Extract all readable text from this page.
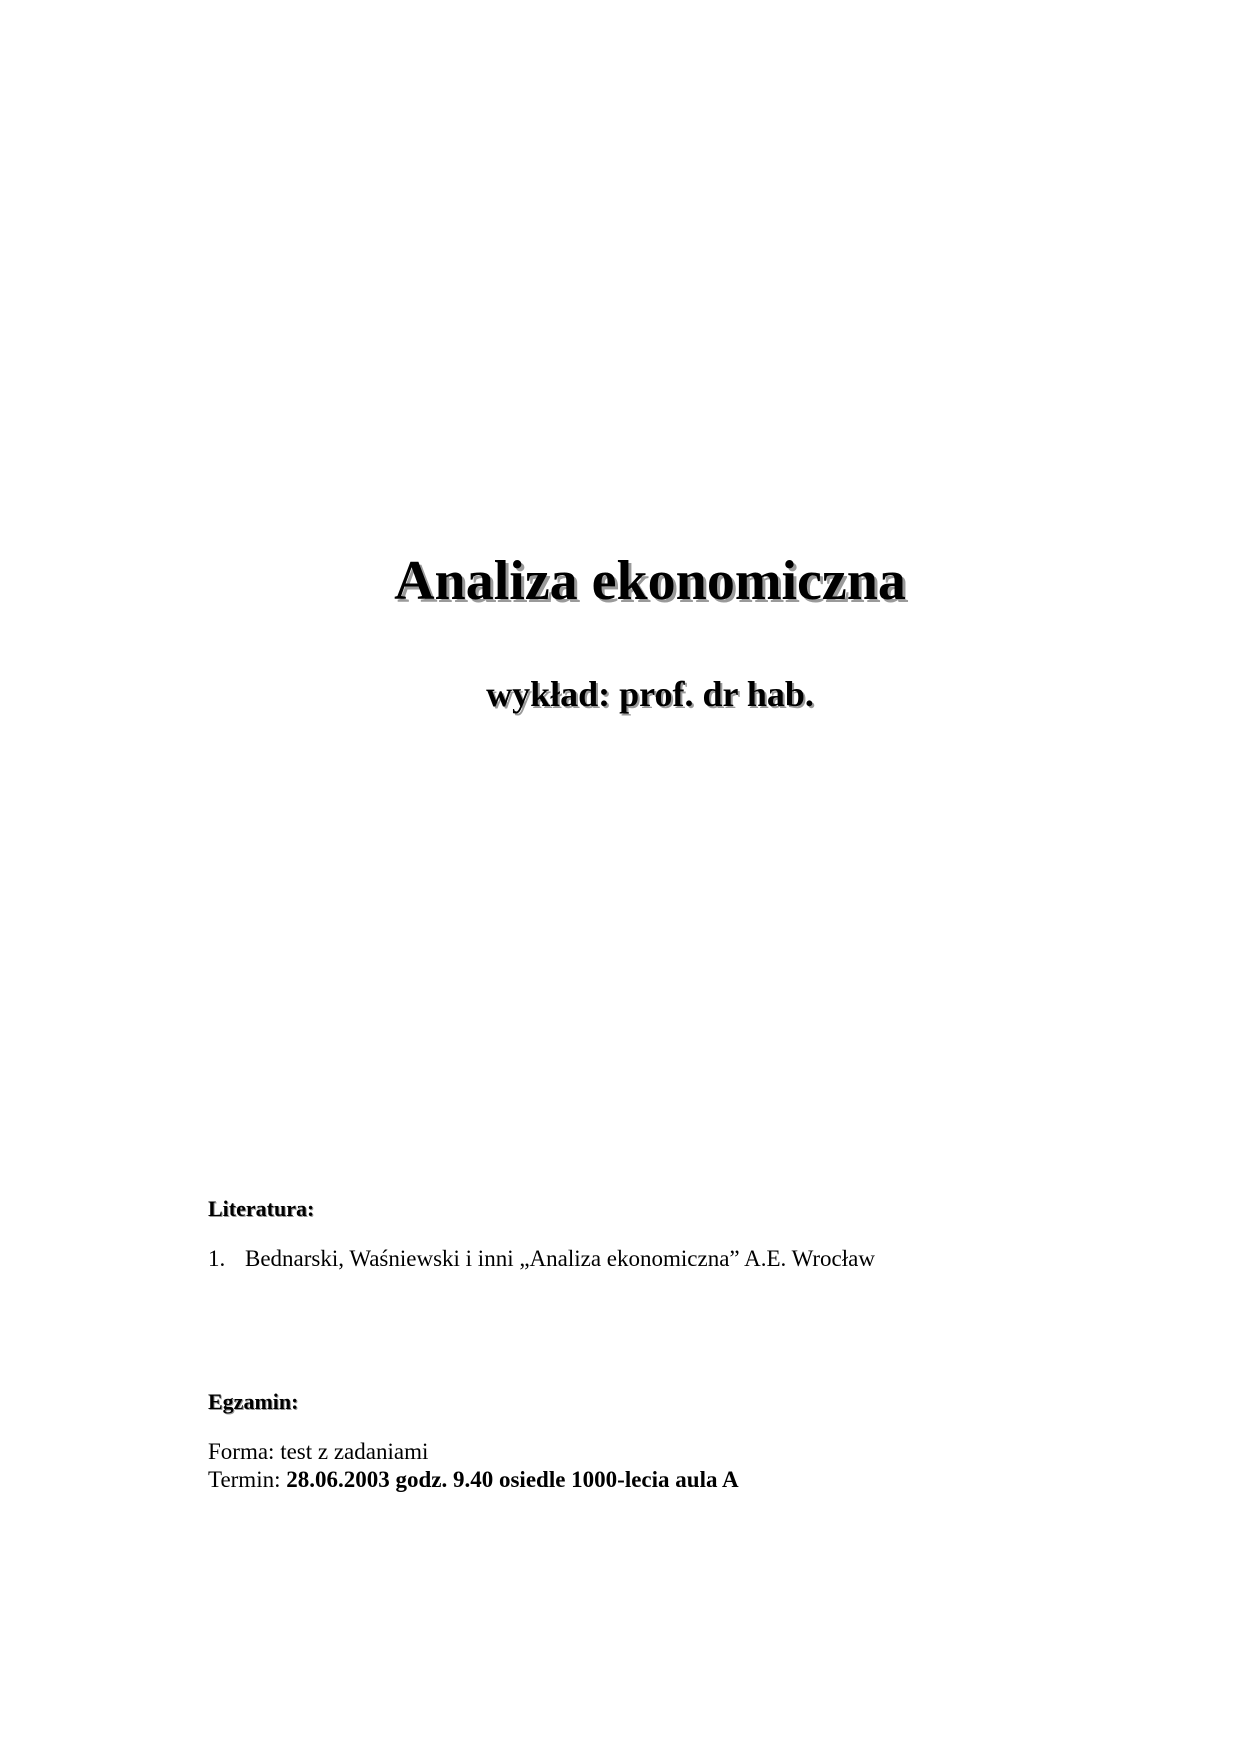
Analiza ekonomiczna
wykład: prof. dr hab.
Literatura:
1. Bednarski, Waśniewski i inni „Analiza ekonomiczna” A.E. Wrocław
Egzamin:

Forma: test z zadaniami

Termin: 28.06.2003 godz. 9.40 osiedle 1000-lecia aula A
